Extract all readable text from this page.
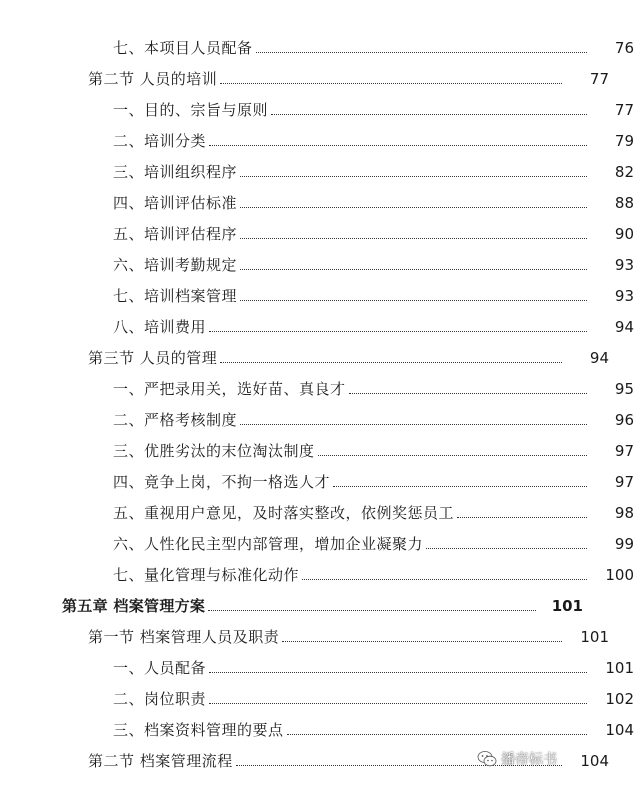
七、本项目人员配备	76
第二节 人员的培训	77
一、目的、宗旨与原则	77
二、培训分类	79
三、培训组织程序	82
四、培训评估标准	88
五、培训评估程序	90
六、培训考勤规定	93
七、培训档案管理	93
八、培训费用	94
第三节 人员的管理	94
一、严把录用关，选好苗、真良才	95
二、严格考核制度	96
三、优胜劣汰的末位淘汰制度	97
四、竟争上岗，不拘一格选人才	97
五、重视用户意见，及时落实整改，依例奖惩员工	98
六、人性化民主型内部管理，增加企业凝聚力	99
七、量化管理与标准化动作	100
第五章 档案管理方案	101
第一节 档案管理人员及职责	101
一、人员配备	101
二、岗位职责	102
三、档案资料管理的要点	104
第二节 档案管理流程	104
播帝标书
